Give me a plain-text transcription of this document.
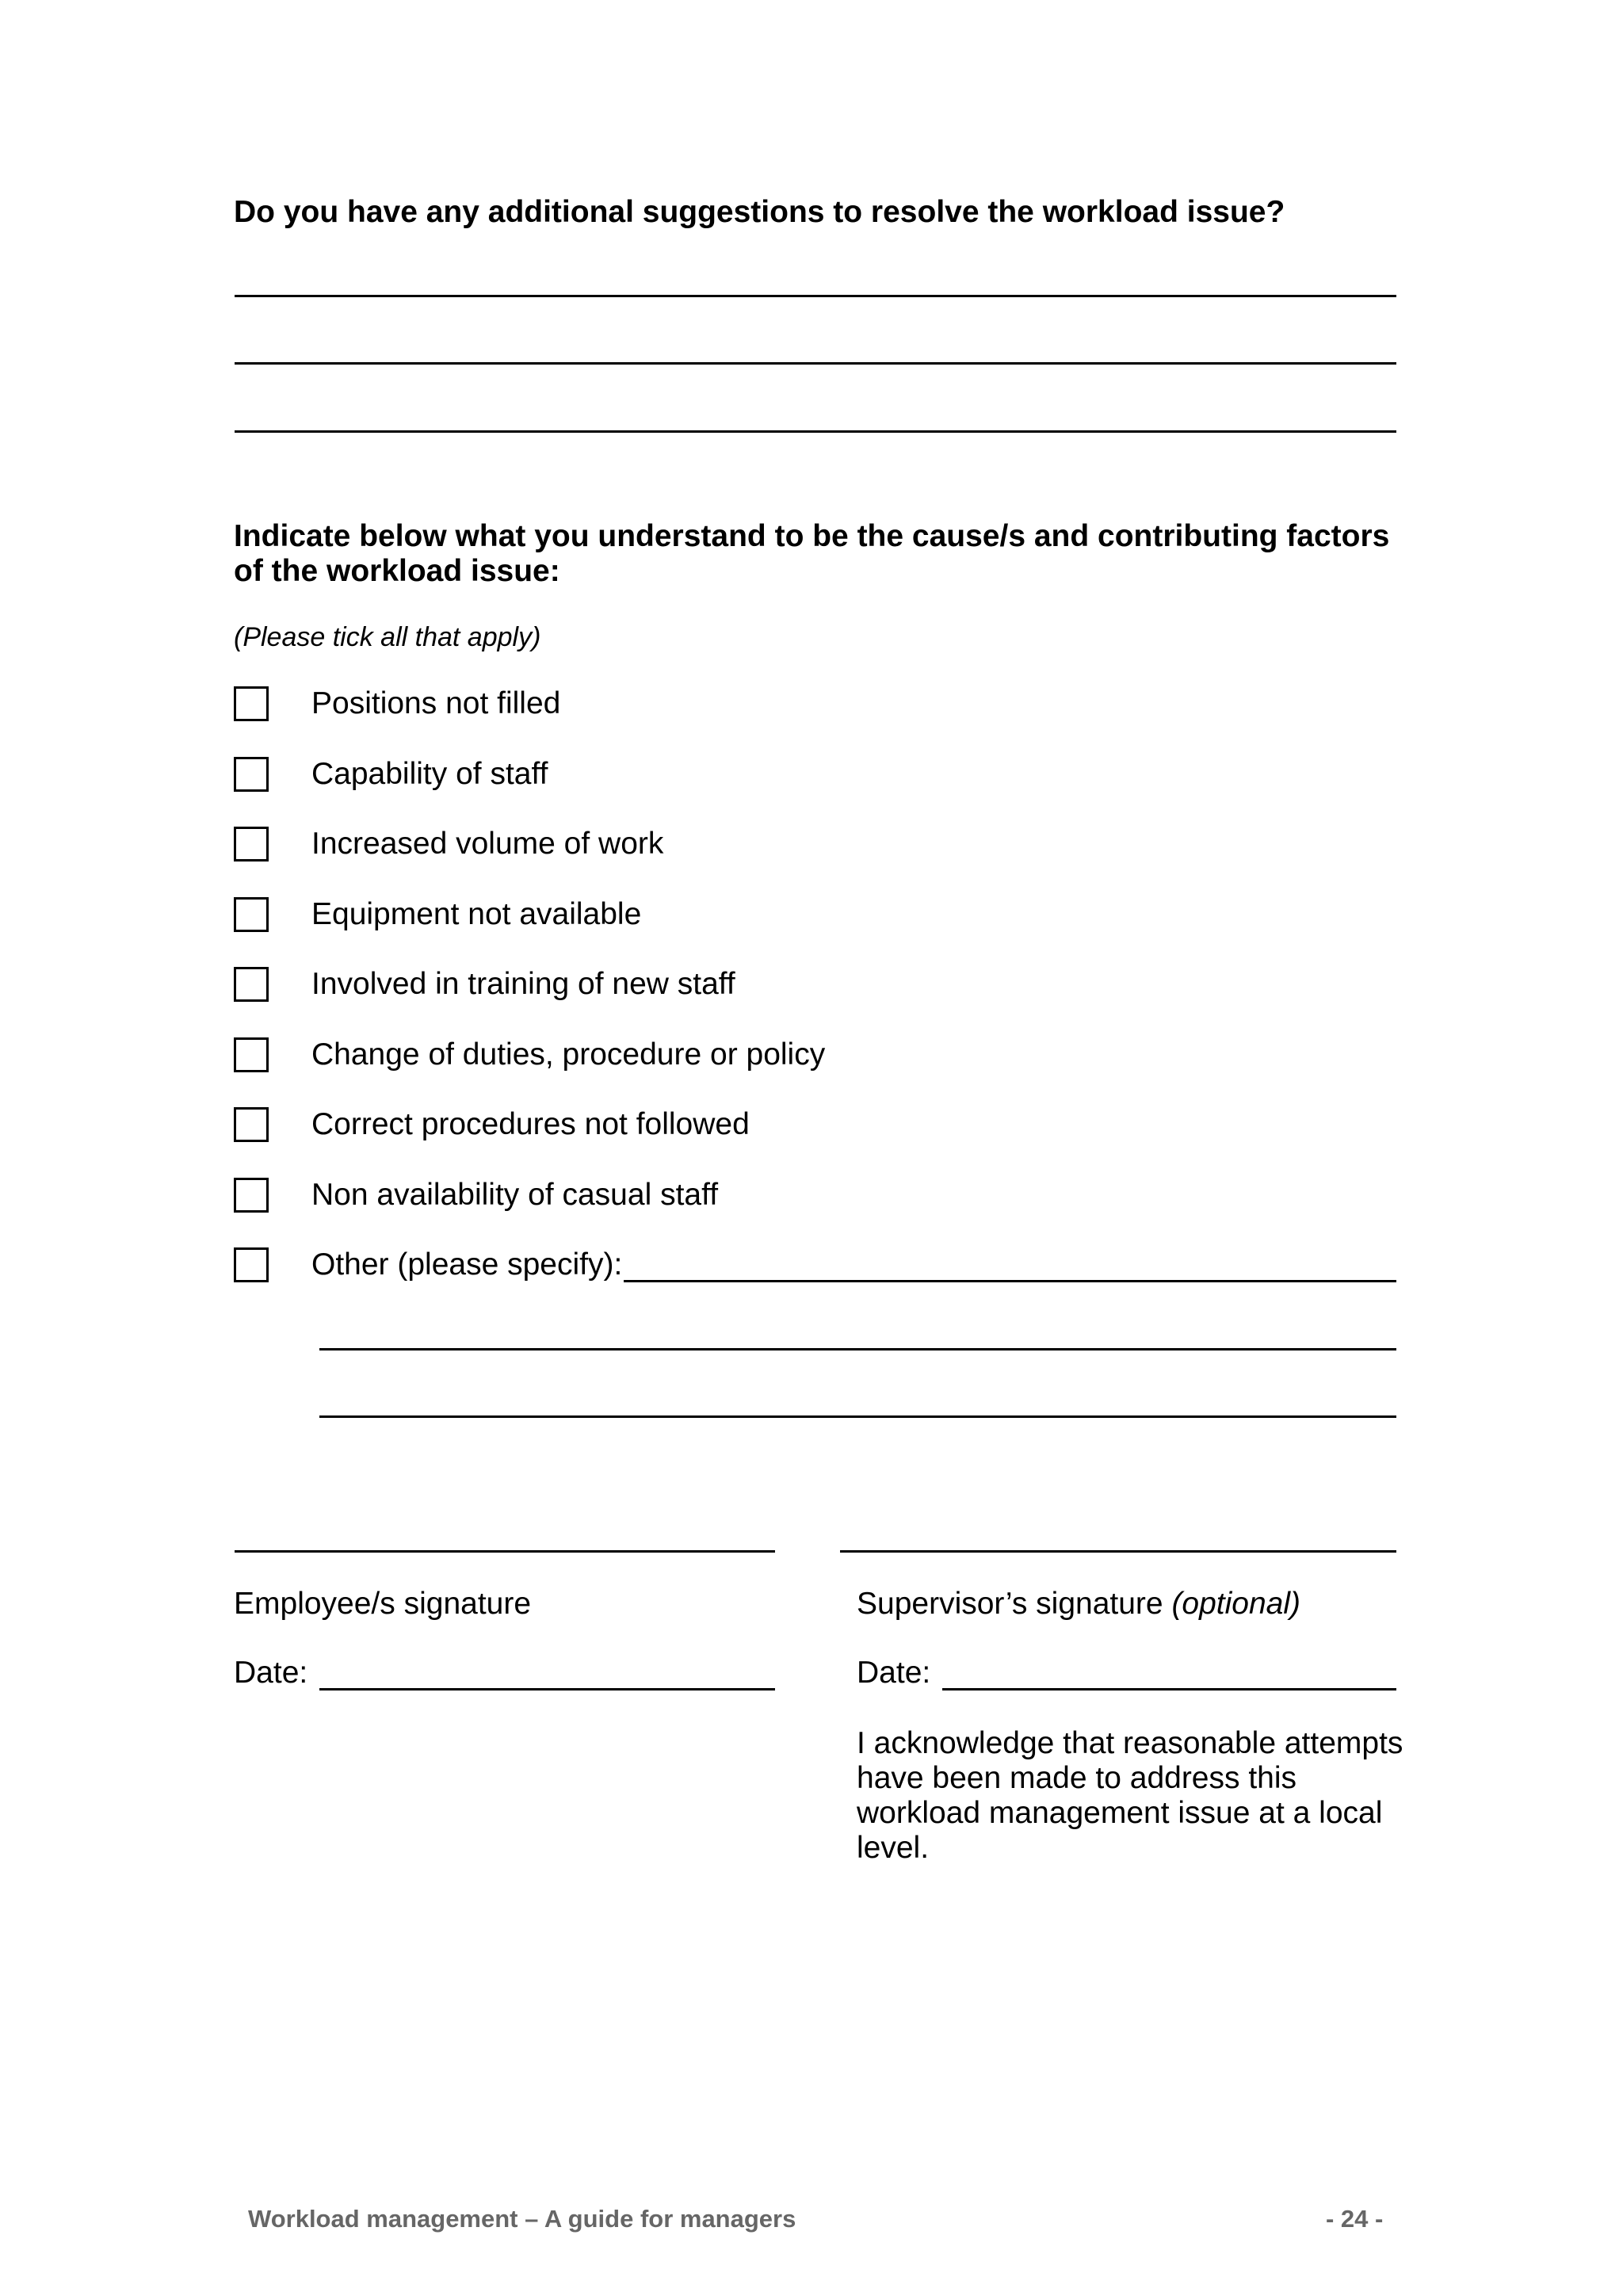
Do you have any additional suggestions to resolve the workload issue?
Indicate below what you understand to be the cause/s and contributing factors of the workload issue:
(Please tick all that apply)
Positions not filled
Capability of staff
Increased volume of work
Equipment not available
Involved in training of new staff
Change of duties, procedure or policy
Correct procedures not followed
Non availability of casual staff
Other (please specify):
Employee/s signature	Supervisor’s signature (optional)
Date:	Date:
I acknowledge that reasonable attempts have been made to address this workload management issue at a local level.
Workload management – A guide for managers	- 24 -
